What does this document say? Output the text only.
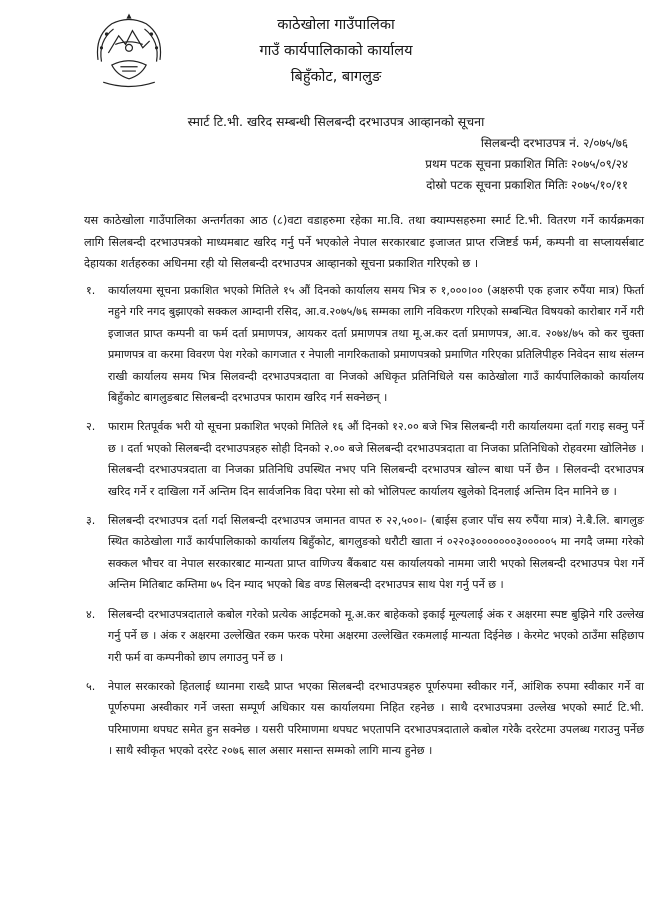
काठेखोला गाउँपालिका
गाउँ कार्यपालिकाको कार्यालय
बिहुँकोट, बागलुङ
स्मार्ट टि.भी. खरिद सम्बन्धी सिलबन्दी दरभाउपत्र आव्हानको सूचना
सिलबन्दी दरभाउपत्र नं. २/०७५/७६
प्रथम पटक सूचना प्रकाशित मितिः २०७५/०९/२४
दोस्रो पटक सूचना प्रकाशित मितिः २०७५/१०/११
यस काठेखोला गाउँपालिका अन्तर्गतका आठ (८)वटा वडाहरुमा रहेका मा.वि. तथा क्याम्पसहरुमा स्मार्ट टि.भी. वितरण गर्ने कार्यक्रमका लागि सिलबन्दी दरभाउपत्रको माध्यमबाट खरिद गर्नु पर्ने भएकोले नेपाल सरकारबाट इजाजत प्राप्त रजिष्टर्ड फर्म, कम्पनी वा सप्लायर्सबाट देहायका शर्तहरुका अधिनमा रही यो सिलबन्दी दरभाउपत्र आव्हानको सूचना प्रकाशित गरिएको छ ।
१. कार्यालयमा सूचना प्रकाशित भएको मितिले १५ औं दिनको कार्यालय समय भित्र रु १,०००।०० (अक्षरुपी एक हजार रुपैंया मात्र) फिर्ता नहुने गरि नगद बुझाएको सक्कल आम्दानी रसिद, आ.व.२०७५/७६ सम्मका लागि नविकरण गरिएको सम्बन्धित विषयको कारोबार गर्ने गरी इजाजत प्राप्त कम्पनी वा फर्म दर्ता प्रमाणपत्र, आयकर दर्ता प्रमाणपत्र तथा मू.अ.कर दर्ता प्रमाणपत्र, आ.व. २०७४/७५ को कर चुक्ता प्रमाणपत्र वा करमा विवरण पेश गरेको कागजात र नेपाली नागरिकताको प्रमाणपत्रको प्रमाणित गरिएका प्रतिलिपीहरु निवेदन साथ संलग्न राखी कार्यालय समय भित्र सिलवन्दी दरभाउपत्रदाता वा निजको अधिकृत प्रतिनिधिले यस काठेखोला गाउँ कार्यपालिकाको कार्यालय बिहुँकोट बागलुङबाट सिलबन्दी दरभाउपत्र फाराम खरिद गर्न सक्नेछन् ।
२. फाराम रितपूर्वक भरी यो सूचना प्रकाशित भएको मितिले १६ औं दिनको १२.०० बजे भित्र सिलबन्दी गरी कार्यालयमा दर्ता गराइ सक्नु पर्ने छ । दर्ता भएको सिलबन्दी दरभाउपत्रहरु सोही दिनको २.०० बजे सिलबन्दी दरभाउपत्रदाता वा निजका प्रतिनिधिको रोहवरमा खोलिनेछ । सिलबन्दी दरभाउपत्रदाता वा निजका प्रतिनिधि उपस्थित नभए पनि सिलबन्दी दरभाउपत्र खोल्न बाधा पर्ने छैन । सिलवन्दी दरभाउपत्र खरिद गर्ने र दाखिला गर्ने अन्तिम दिन सार्वजनिक विदा परेमा सो को भोलिपल्ट कार्यालय खुलेको दिनलाई अन्तिम दिन मानिने छ ।
३. सिलबन्दी दरभाउपत्र दर्ता गर्दा सिलबन्दी दरभाउपत्र जमानत वापत रु २२,५००।- (बाईस हजार पाँच सय रुपैंया मात्र) ने.बै.लि. बागलुङ स्थित काठेखोला गाउँ कार्यपालिकाको कार्यालय बिहुँकोट, बागलुङको धरौटी खाता नं ०२२०३०००००००३०००००५ मा नगदै जम्मा गरेको सक्कल भौचर वा नेपाल सरकारबाट मान्यता प्राप्त वाणिज्य बैंकबाट यस कार्यालयको नाममा जारी भएको सिलबन्दी दरभाउपत्र पेश गर्ने अन्तिम मितिबाट कम्तिमा ७५ दिन म्याद भएको बिड वण्ड सिलबन्दी दरभाउपत्र साथ पेश गर्नु पर्ने छ ।
४. सिलबन्दी दरभाउपत्रदाताले कबोल गरेको प्रत्येक आईटमको मू.अ.कर बाहेकको इकाई मूल्यलाई अंक र अक्षरमा स्पष्ट बुझिने गरि उल्लेख गर्नु पर्ने छ । अंक र अक्षरमा उल्लेखित रकम फरक परेमा अक्षरमा उल्लेखित रकमलाई मान्यता दिईनेछ । केरमेट भएको ठाउँमा सहिछाप गरी फर्म वा कम्पनीको छाप लगाउनु पर्ने छ ।
५. नेपाल सरकारको हितलाई ध्यानमा राख्दै प्राप्त भएका सिलबन्दी दरभाउपत्रहरु पूर्णरुपमा स्वीकार गर्ने, आंशिक रुपमा स्वीकार गर्ने वा पूर्णरुपमा अस्वीकार गर्ने जस्ता सम्पूर्ण अधिकार यस कार्यालयमा निहित रहनेछ । साथै दरभाउपत्रमा उल्लेख भएको स्मार्ट टि.भी. परिमाणमा थपघट समेत हुन सक्नेछ । यसरी परिमाणमा थपघट भएतापनि दरभाउपत्रदाताले कबोल गरेकै दररेटमा उपलब्ध गराउनु पर्नेछ । साथै स्वीकृत भएको दररेट २०७६ साल असार मसान्त सम्मको लागि मान्य हुनेछ ।
